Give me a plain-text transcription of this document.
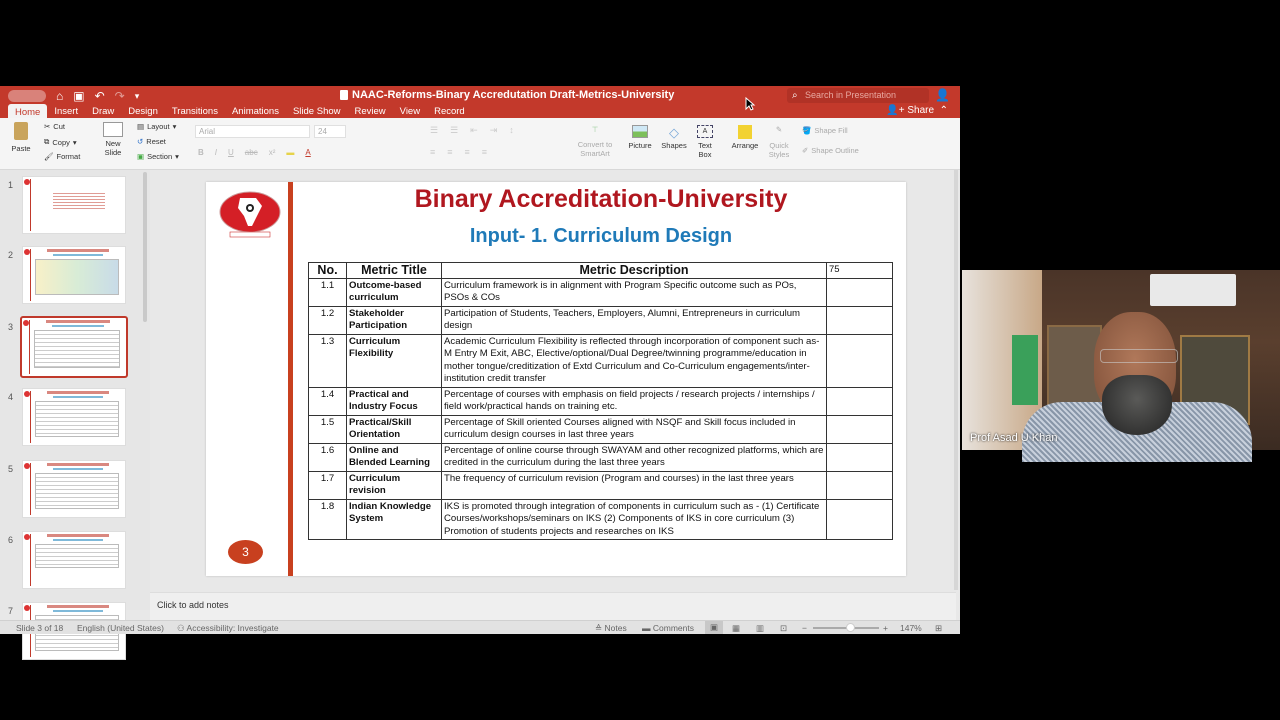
⌂ ▣ ↶ ↷ ▾	NAAC-Reforms-Binary Accredutation Draft-Metrics-University	⌕ Search in Presentation	👤
Home	Insert	Draw	Design	Transitions	Animations	Slide Show	Review	View	Record	👤+ Share  ⌃
Paste
✂ Cut
⧉ Copy ▾
🖌 Format
New Slide
▤ Layout ▾
↺ Reset
▣ Section ▾
Arial	24
B I U abc x² ▬ A
☰ ☰ ⇤ ⇥ ↕
≡ ≡ ≡ ≡
⊤
Convert to SmartArt
Picture
◇
Shapes
A
Text Box
Arrange
✎
Quick Styles
🪣 Shape Fill
✐ Shape Outline
1
2
3
4
5
6
7
Binary Accreditation-University
Input- 1. Curriculum Design
No.	Metric Title	Metric Description	75
1.1	Outcome-based curriculum	Curriculum framework is in alignment with Program Specific outcome such as POs, PSOs & COs	
1.2	Stakeholder Participation	Participation of Students, Teachers, Employers, Alumni, Entrepreneurs in curriculum design	
1.3	Curriculum Flexibility	Academic Curriculum Flexibility is reflected through incorporation of component such as- M Entry M Exit, ABC, Elective/optional/Dual Degree/twinning programme/education in mother tongue/creditization of Extd Curriculum and Co-Curriculum engagements/inter-institution credit transfer	
1.4	Practical and Industry Focus	Percentage of courses with emphasis on field projects / research projects / internships / field work/practical hands on training etc.	
1.5	Practical/Skill Orientation	Percentage of Skill oriented Courses aligned with NSQF and Skill focus included in curriculum design courses in last three years	
1.6	Online and Blended Learning	Percentage of online course through SWAYAM and other recognized platforms, which are credited in the curriculum during the last three years	
1.7	Curriculum revision	The frequency of curriculum revision (Program and courses) in the last three years	
1.8	Indian Knowledge System	IKS is promoted through integration of components in curriculum such as - (1) Certificate Courses/workshops/seminars on IKS (2) Components of IKS in core curriculum (3) Promotion of students projects and researches on IKS	
3
Click to add notes
Slide 3 of 18 English (United States) ⚇ Accessibility: Investigate	≙ Notes ▬ Comments ▣ ▦ ▥ ⊡ −	+ 147% ⊞
Prof Asad U Khan
